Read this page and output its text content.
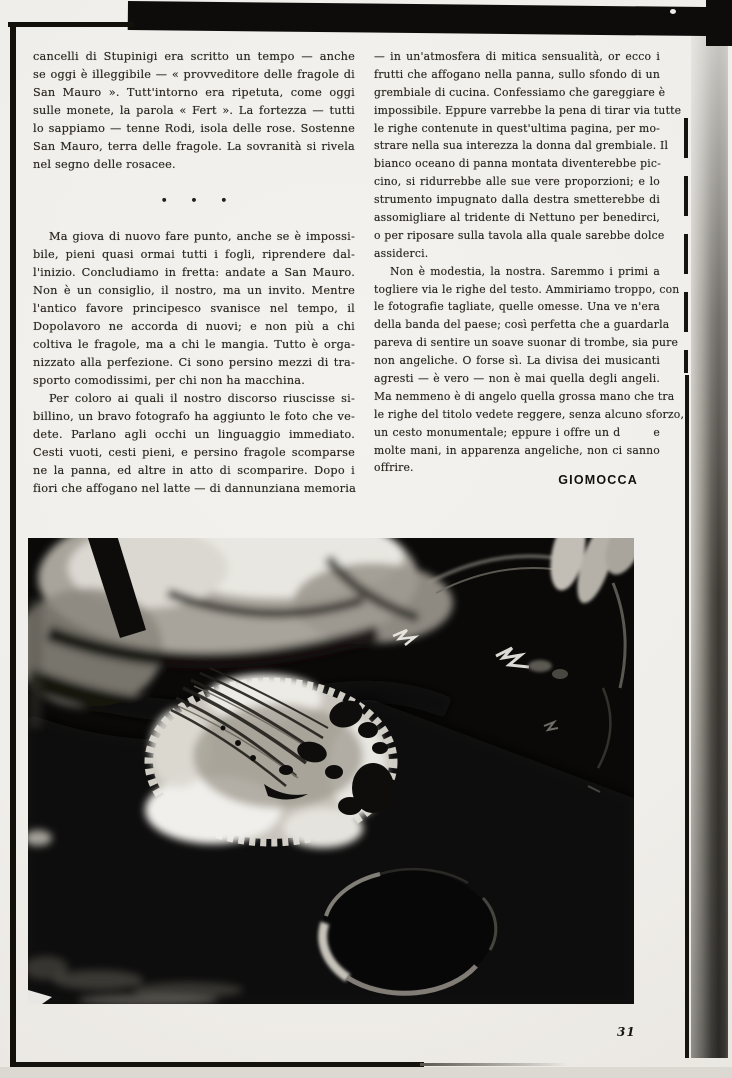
cancelli di Stupinigi era scritto un tempo — anche
se oggi è illeggibile — « provveditore delle fragole di
San Mauro ». Tutt'intorno era ripetuta, come oggi
sulle monete, la parola « Fert ». La fortezza — tutti
lo sappiamo — tenne Rodi, isola delle rose. Sostenne
San Mauro, terra delle fragole. La sovranità si rivela
nel segno delle rosacee.
• • •
Ma giova di nuovo fare punto, anche se è impossi-
bile, pieni quasi ormai tutti i fogli, riprendere dal-
l'inizio. Concludiamo in fretta: andate a San Mauro.
Non è un consiglio, il nostro, ma un invito. Mentre
l'antico favore principesco svanisce nel tempo, il
Dopolavoro ne accorda di nuovi; e non più a chi
coltiva le fragole, ma a chi le mangia. Tutto è orga-
nizzato alla perfezione. Ci sono persino mezzi di tra-
sporto comodissimi, per chi non ha macchina.
Per coloro ai quali il nostro discorso riuscisse si-
billino, un bravo fotografo ha aggiunto le foto che ve-
dete. Parlano agli occhi un linguaggio immediato.
Cesti vuoti, cesti pieni, e persino fragole scomparse
ne la panna, ed altre in atto di scomparire. Dopo i
fiori che affogano nel latte — di dannunziana memoria
— in un'atmosfera di mitica sensualità, or ecco i
frutti che affogano nella panna, sullo sfondo di un
grembiale di cucina. Confessiamo che gareggiare è
impossibile. Eppure varrebbe la pena di tirar via tutte
le righe contenute in quest'ultima pagina, per mo-
strare nella sua interezza la donna dal grembiale. Il
bianco oceano di panna montata diventerebbe pic-
cino, si ridurrebbe alle sue vere proporzioni; e lo
strumento impugnato dalla destra smetterebbe di
assomigliare al tridente di Nettuno per benedirci,
o per riposare sulla tavola alla quale sarebbe dolce
assiderci.
Non è modestia, la nostra. Saremmo i primi a
togliere via le righe del testo. Ammiriamo troppo, con
le fotografie tagliate, quelle omesse. Una ve n'era
della banda del paese; così perfetta che a guardarla
pareva di sentire un soave suonar di trombe, sia pure
non angeliche. O forse sì. La divisa dei musicanti
agresti — è vero — non è mai quella degli angeli.
Ma nemmeno è di angelo quella grossa mano che tra
le righe del titolo vedete reggere, senza alcuno sforzo,
un cesto monumentale; eppure i offre un d   e
molte mani, in apparenza angeliche, non ci sanno
offrire.
GIOMOCCA
31
